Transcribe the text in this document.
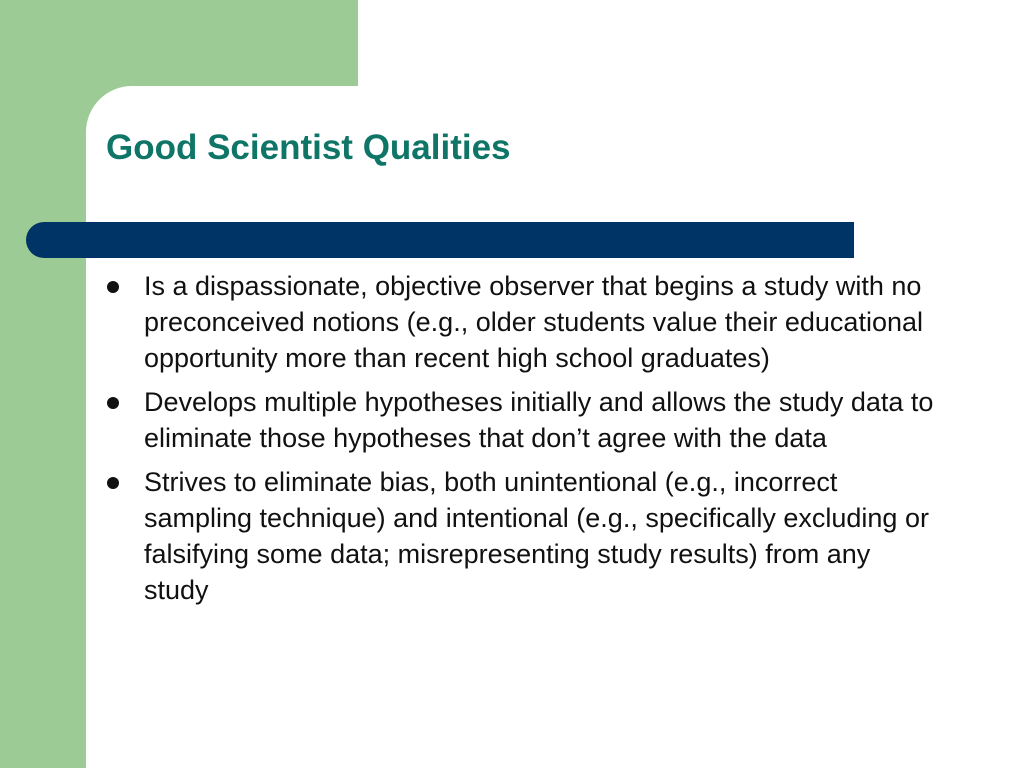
Good Scientist Qualities
Is a dispassionate, objective observer that begins a study with no preconceived notions (e.g., older students value their educational opportunity more than recent high school graduates)
Develops multiple hypotheses initially and allows the study data to eliminate those hypotheses that don’t agree with the data
Strives to eliminate bias, both unintentional (e.g., incorrect sampling technique) and intentional (e.g., specifically excluding or falsifying some data; misrepresenting study results) from any study
